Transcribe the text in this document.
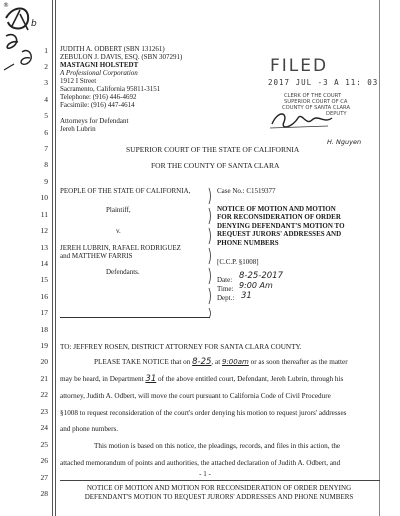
®
b
1
2
3
4
5
6
7
8
9
10
11
12
13
14
15
16
17
18
19
20
21
22
23
24
25
26
27
28
JUDITH A. ODBERT (SBN 131261)
ZEBULON J. DAVIS, ESQ. (SBN 307291)
MASTAGNI HOLSTEDT
A Professional Corporation
1912 I Street
Sacramento, California 95811-3151
Telephone: (916) 446-4692
Facsimile: (916) 447-4614
Attorneys for Defendant
Jereh Lubrin
FILED
2017 JUL -3 A 11: 03
CLERK OF THE COURT
SUPERIOR COURT OF CA
COUNTY OF SANTA CLARA
DEPUTY
H. Nguyen
SUPERIOR COURT OF THE STATE OF CALIFORNIA
FOR THE COUNTY OF SANTA CLARA
PEOPLE OF THE STATE OF CALIFORNIA,
Plaintiff,
v.
JEREH LUBRIN, RAFAEL RODRIGUEZ
and MATTHEW FARRIS
Defendants.
Case No.: C1519377
NOTICE OF MOTION AND MOTION
FOR RECONSIDERATION OF ORDER
DENYING DEFENDANT'S MOTION TO
REQUEST JURORS' ADDRESSES AND
PHONE NUMBERS
[C.C.P. §1008]
Date: 8-25-2017
Time: 9:00 Am
Dept.: 31
TO: JEFFREY ROSEN, DISTRICT ATTORNEY FOR SANTA CLARA COUNTY.
PLEASE TAKE NOTICE that on 8-25, at 9:00am or as soon thereafter as the matter
may be heard, in Department 31 of the above entitled court, Defendant, Jereh Lubrin, through his
attorney, Judith A. Odbert, will move the court pursuant to California Code of Civil Procedure
§1008 to request reconsideration of the court's order denying his motion to request jurors' addresses
and phone numbers.
This motion is based on this notice, the pleadings, records, and files in this action, the
attached memorandum of points and authorities, the attached declaration of Judith A. Odbert, and
- 1 -
NOTICE OF MOTION AND MOTION FOR RECONSIDERATION OF ORDER DENYING
DEFENDANT'S MOTION TO REQUEST JURORS' ADDRESSES AND PHONE NUMBERS
